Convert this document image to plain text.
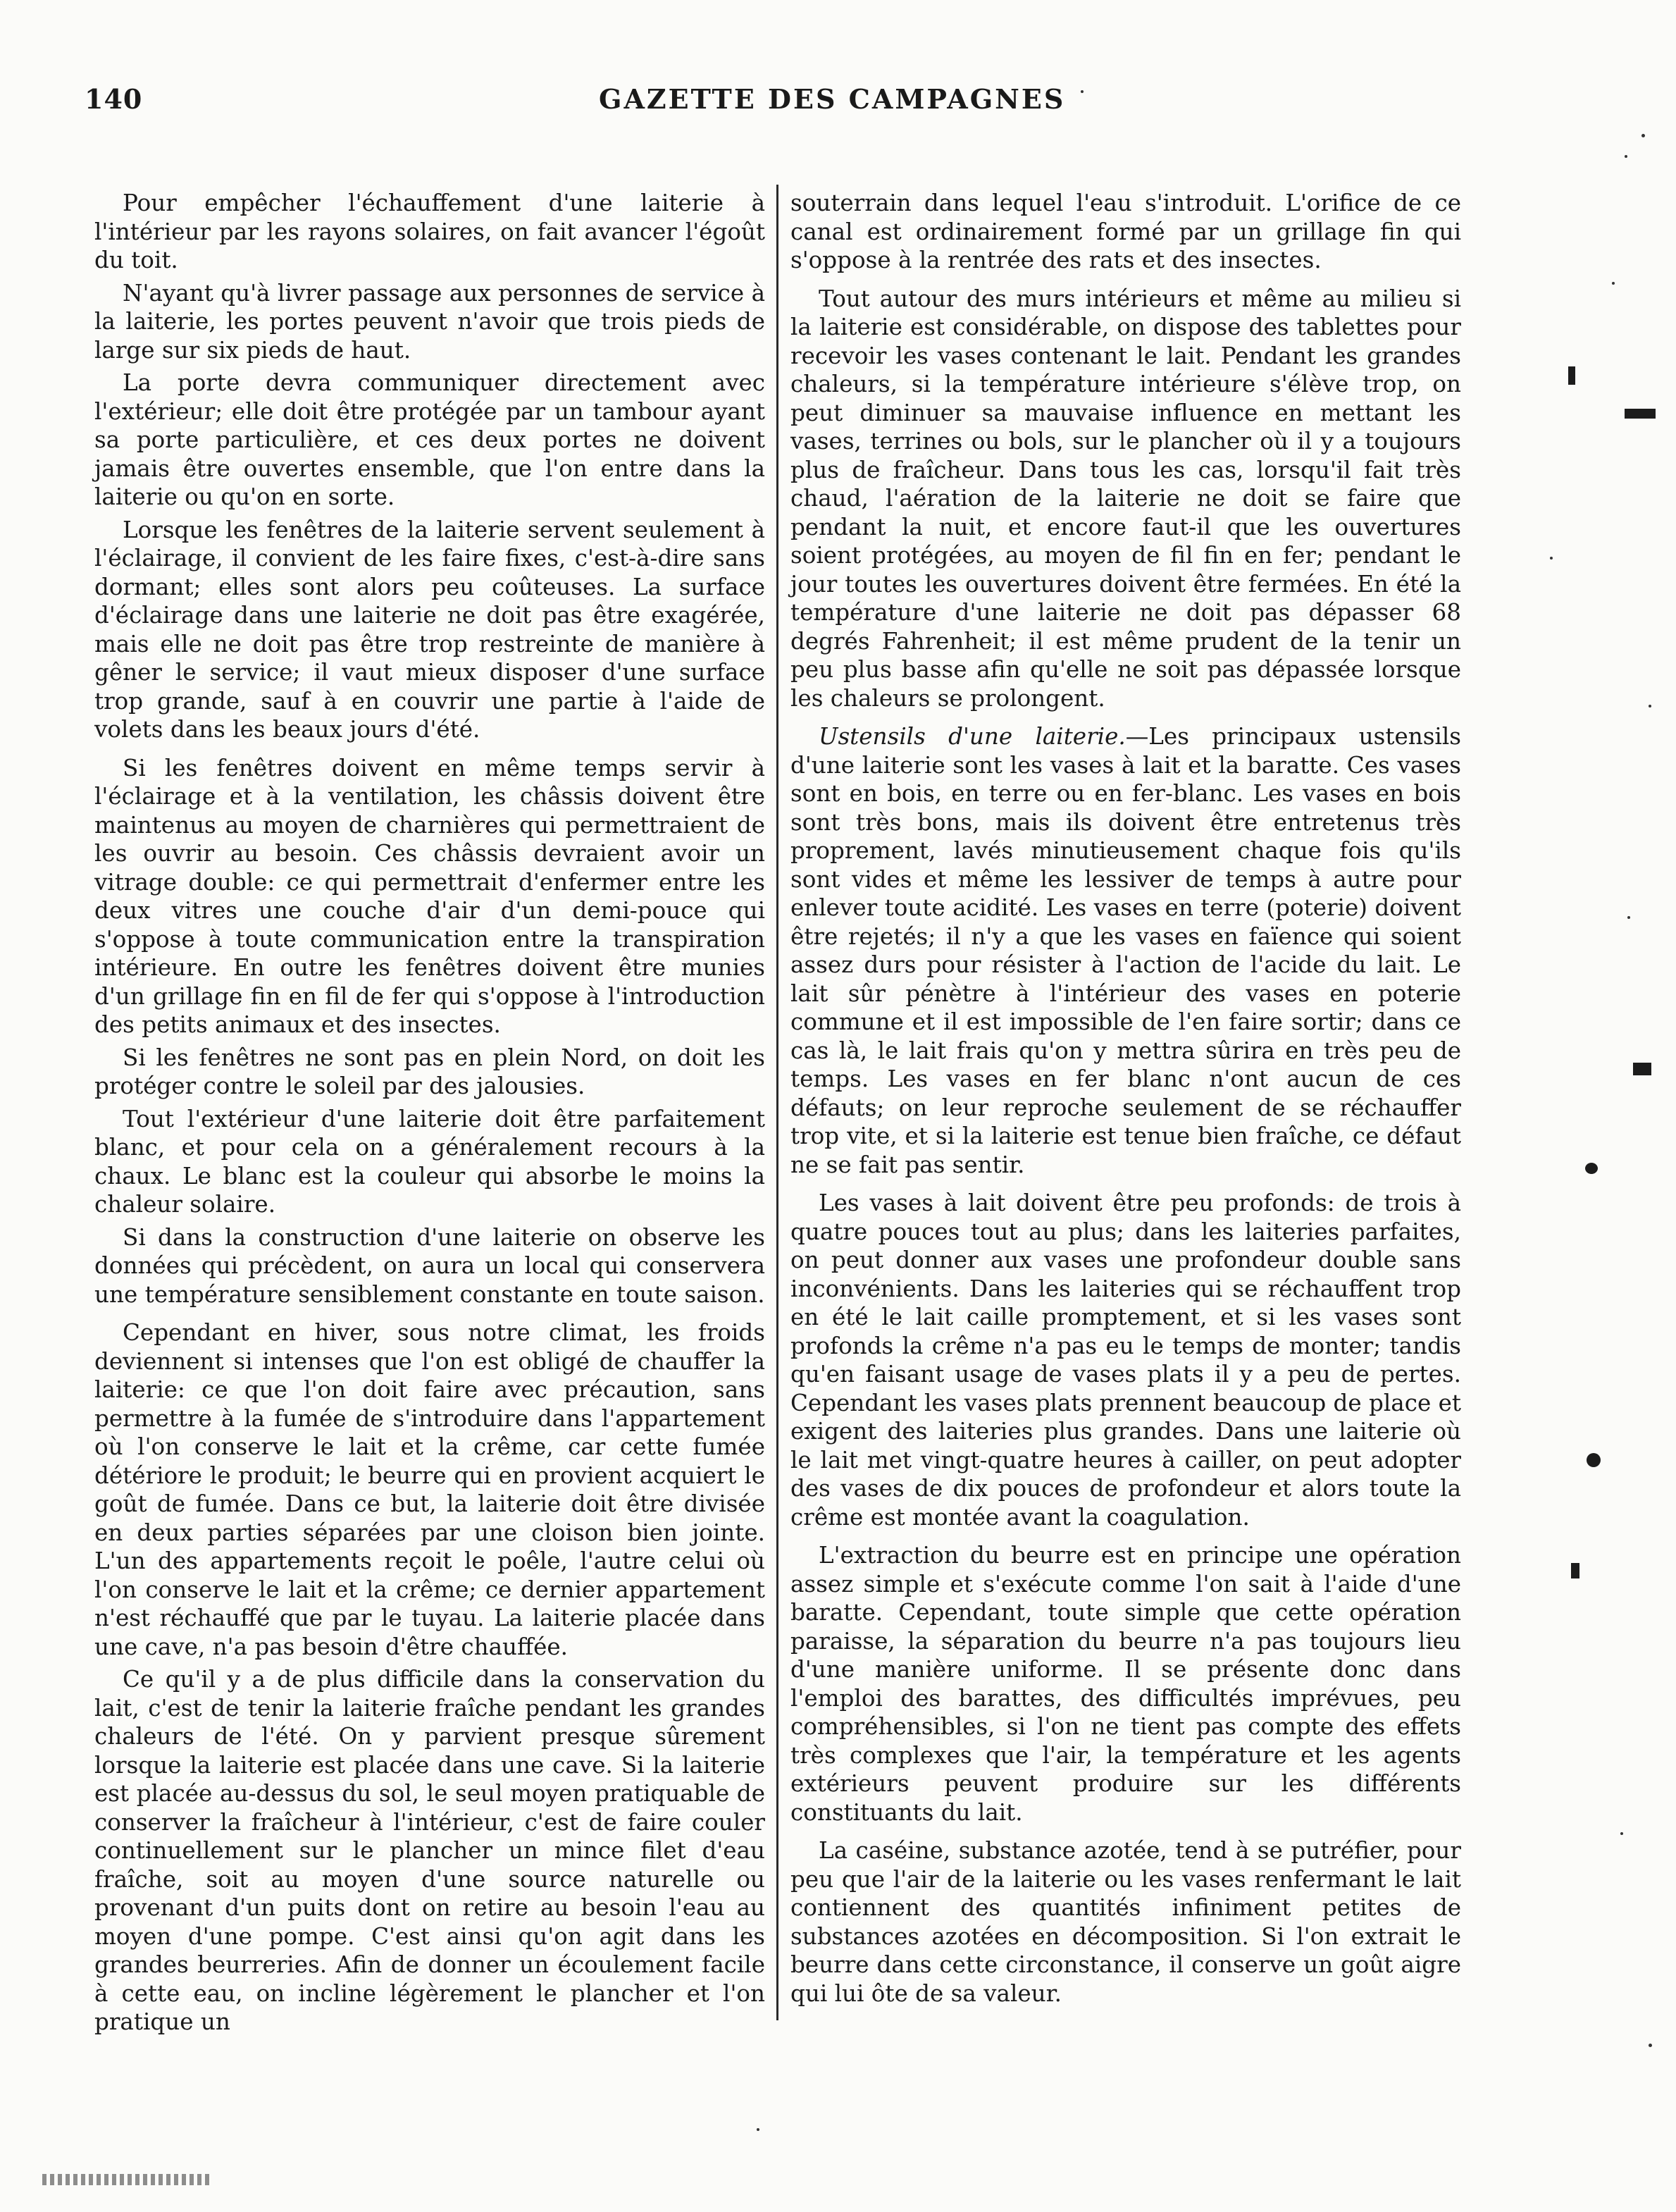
140	GAZETTE DES CAMPAGNES

Pour empêcher l'échauffement d'une laiterie à l'intérieur par les rayons solaires, on fait avancer l'égoût du toit.

N'ayant qu'à livrer passage aux personnes de service à la laiterie, les portes peuvent n'avoir que trois pieds de large sur six pieds de haut.

La porte devra communiquer directement avec l'extérieur; elle doit être protégée par un tambour ayant sa porte particulière, et ces deux portes ne doivent jamais être ouvertes ensemble, que l'on entre dans la laiterie ou qu'on en sorte.

Lorsque les fenêtres de la laiterie servent seulement à l'éclairage, il convient de les faire fixes, c'est-à-dire sans dormant; elles sont alors peu coûteuses. La surface d'éclairage dans une laiterie ne doit pas être exagérée, mais elle ne doit pas être trop restreinte de manière à gêner le service; il vaut mieux disposer d'une surface trop grande, sauf à en couvrir une partie à l'aide de volets dans les beaux jours d'été.

Si les fenêtres doivent en même temps servir à l'éclairage et à la ventilation, les châssis doivent être maintenus au moyen de charnières qui permettraient de les ouvrir au besoin. Ces châssis devraient avoir un vitrage double: ce qui permettrait d'enfermer entre les deux vitres une couche d'air d'un demi-pouce qui s'oppose à toute communication entre la transpiration intérieure. En outre les fenêtres doivent être munies d'un grillage fin en fil de fer qui s'oppose à l'introduction des petits animaux et des insectes.

Si les fenêtres ne sont pas en plein Nord, on doit les protéger contre le soleil par des jalousies.

Tout l'extérieur d'une laiterie doit être parfaitement blanc, et pour cela on a généralement recours à la chaux. Le blanc est la couleur qui absorbe le moins la chaleur solaire.

Si dans la construction d'une laiterie on observe les données qui précèdent, on aura un local qui conservera une température sensiblement constante en toute saison.

Cependant en hiver, sous notre climat, les froids deviennent si intenses que l'on est obligé de chauffer la laiterie: ce que l'on doit faire avec précaution, sans permettre à la fumée de s'introduire dans l'appartement où l'on conserve le lait et la crême, car cette fumée détériore le produit; le beurre qui en provient acquiert le goût de fumée. Dans ce but, la laiterie doit être divisée en deux parties séparées par une cloison bien jointe. L'un des appartements reçoit le poêle, l'autre celui où l'on conserve le lait et la crême; ce dernier appartement n'est réchauffé que par le tuyau. La laiterie placée dans une cave, n'a pas besoin d'être chauffée.

Ce qu'il y a de plus difficile dans la conservation du lait, c'est de tenir la laiterie fraîche pendant les grandes chaleurs de l'été. On y parvient presque sûrement lorsque la laiterie est placée dans une cave. Si la laiterie est placée au-dessus du sol, le seul moyen pratiquable de conserver la fraîcheur à l'intérieur, c'est de faire couler continuellement sur le plancher un mince filet d'eau fraîche, soit au moyen d'une source naturelle ou provenant d'un puits dont on retire au besoin l'eau au moyen d'une pompe. C'est ainsi qu'on agit dans les grandes beurreries. Afin de donner un écoulement facile à cette eau, on incline légèrement le plancher et l'on pratique un

souterrain dans lequel l'eau s'introduit. L'orifice de ce canal est ordinairement formé par un grillage fin qui s'oppose à la rentrée des rats et des insectes.

Tout autour des murs intérieurs et même au milieu si la laiterie est considérable, on dispose des tablettes pour recevoir les vases contenant le lait. Pendant les grandes chaleurs, si la température intérieure s'élève trop, on peut diminuer sa mauvaise influence en mettant les vases, terrines ou bols, sur le plancher où il y a toujours plus de fraîcheur. Dans tous les cas, lorsqu'il fait très chaud, l'aération de la laiterie ne doit se faire que pendant la nuit, et encore faut-il que les ouvertures soient protégées, au moyen de fil fin en fer; pendant le jour toutes les ouvertures doivent être fermées. En été la température d'une laiterie ne doit pas dépasser 68 degrés Fahrenheit; il est même prudent de la tenir un peu plus basse afin qu'elle ne soit pas dépassée lorsque les chaleurs se prolongent.

Ustensils d'une laiterie.—Les principaux ustensils d'une laiterie sont les vases à lait et la baratte. Ces vases sont en bois, en terre ou en fer-blanc. Les vases en bois sont très bons, mais ils doivent être entretenus très proprement, lavés minutieusement chaque fois qu'ils sont vides et même les lessiver de temps à autre pour enlever toute acidité. Les vases en terre (poterie) doivent être rejetés; il n'y a que les vases en faïence qui soient assez durs pour résister à l'action de l'acide du lait. Le lait sûr pénètre à l'intérieur des vases en poterie commune et il est impossible de l'en faire sortir; dans ce cas là, le lait frais qu'on y mettra sûrira en très peu de temps. Les vases en fer blanc n'ont aucun de ces défauts; on leur reproche seulement de se réchauffer trop vite, et si la laiterie est tenue bien fraîche, ce défaut ne se fait pas sentir.

Les vases à lait doivent être peu profonds: de trois à quatre pouces tout au plus; dans les laiteries parfaites, on peut donner aux vases une profondeur double sans inconvénients. Dans les laiteries qui se réchauffent trop en été le lait caille promptement, et si les vases sont profonds la crême n'a pas eu le temps de monter; tandis qu'en faisant usage de vases plats il y a peu de pertes. Cependant les vases plats prennent beaucoup de place et exigent des laiteries plus grandes. Dans une laiterie où le lait met vingt-quatre heures à cailler, on peut adopter des vases de dix pouces de profondeur et alors toute la crême est montée avant la coagulation.

L'extraction du beurre est en principe une opération assez simple et s'exécute comme l'on sait à l'aide d'une baratte. Cependant, toute simple que cette opération paraisse, la séparation du beurre n'a pas toujours lieu d'une manière uniforme. Il se présente donc dans l'emploi des barattes, des difficultés imprévues, peu compréhensibles, si l'on ne tient pas compte des effets très complexes que l'air, la température et les agents extérieurs peuvent produire sur les différents constituants du lait.

La caséine, substance azotée, tend à se putréfier, pour peu que l'air de la laiterie ou les vases renfermant le lait contiennent des quantités infiniment petites de substances azotées en décomposition. Si l'on extrait le beurre dans cette circonstance, il conserve un goût aigre qui lui ôte de sa valeur.
